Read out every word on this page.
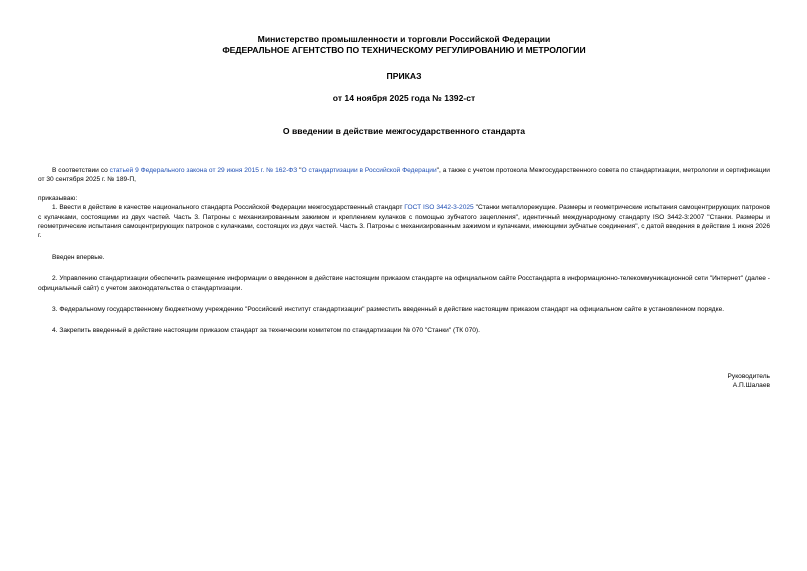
Министерство промышленности и торговли Российской Федерации
ФЕДЕРАЛЬНОЕ АГЕНТСТВО ПО ТЕХНИЧЕСКОМУ РЕГУЛИРОВАНИЮ И МЕТРОЛОГИИ
ПРИКАЗ
от 14 ноября 2025 года № 1392-ст
О введении в действие межгосударственного стандарта

В соответствии со статьей 9 Федерального закона от 29 июня 2015 г. № 162-ФЗ "О стандартизации в Российской Федерации", а также с учетом протокола Межгосударственного совета по стандартизации, метрологии и сертификации от 30 сентября 2025 г. № 189-П,

приказываю:

1. Ввести в действие в качестве национального стандарта Российской Федерации межгосударственный стандарт ГОСТ ISO 3442-3-2025 "Станки металлорежущие. Размеры и геометрические испытания самоцентрирующих патронов с кулачками, состоящими из двух частей. Часть 3. Патроны с механизированным зажимом и креплением кулачков с помощью зубчатого зацепления", идентичный международному стандарту ISO 3442-3:2007 "Станки. Размеры и геометрические испытания самоцентрирующих патронов с кулачками, состоящих из двух частей. Часть 3. Патроны с механизированным зажимом и кулачками, имеющими зубчатые соединения", с датой введения в действие 1 июня 2026 г.

Введен впервые.

2. Управлению стандартизации обеспечить размещение информации о введенном в действие настоящим приказом стандарте на официальном сайте Росстандарта в информационно-телекоммуникационной сети "Интернет" (далее - официальный сайт) с учетом законодательства о стандартизации.

3. Федеральному государственному бюджетному учреждению "Российский институт стандартизации" разместить введенный в действие настоящим приказом стандарт на официальном сайте в установленном порядке.

4. Закрепить введенный в действие настоящим приказом стандарт за техническим комитетом по стандартизации № 070 "Станки" (ТК 070).

Руководитель
А.П.Шалаев
